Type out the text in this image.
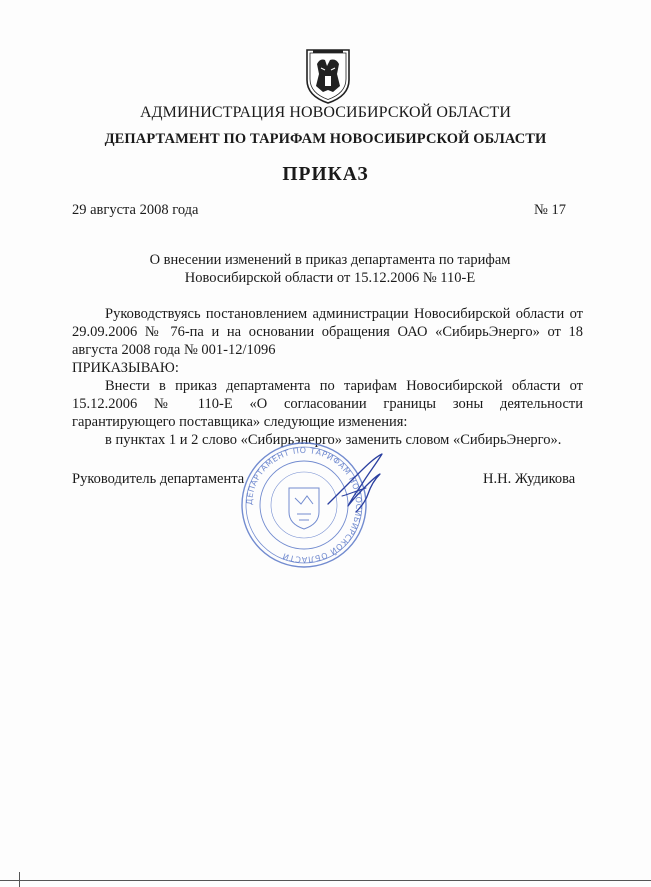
АДМИНИСТРАЦИЯ НОВОСИБИРСКОЙ ОБЛАСТИ
ДЕПАРТАМЕНТ ПО ТАРИФАМ НОВОСИБИРСКОЙ ОБЛАСТИ
ПРИКАЗ
29 августа 2008 года	№ 17
О внесении изменений в приказ департамента по тарифам
Новосибирской области от 15.12.2006 № 110-Е

Руководствуясь постановлением администрации Новосибирской области от 29.09.2006 № 76-па и на основании обращения ОАО «СибирьЭнерго» от 18 августа 2008 года № 001-12/1096

ПРИКАЗЫВАЮ:

Внести в приказ департамента по тарифам Новосибирской области от 15.12.2006 № 110-Е «О согласовании границы зоны деятельности гарантирующего поставщика» следующие изменения:

в пунктах 1 и 2 слово «Сибирьэнерго» заменить словом «СибирьЭнерго».

Руководитель департамента	Н.Н. Жудикова
ДЕПАРТАМЕНТ ПО ТАРИФАМ НОВОСИБИРСКОЙ ОБЛАСТИ
